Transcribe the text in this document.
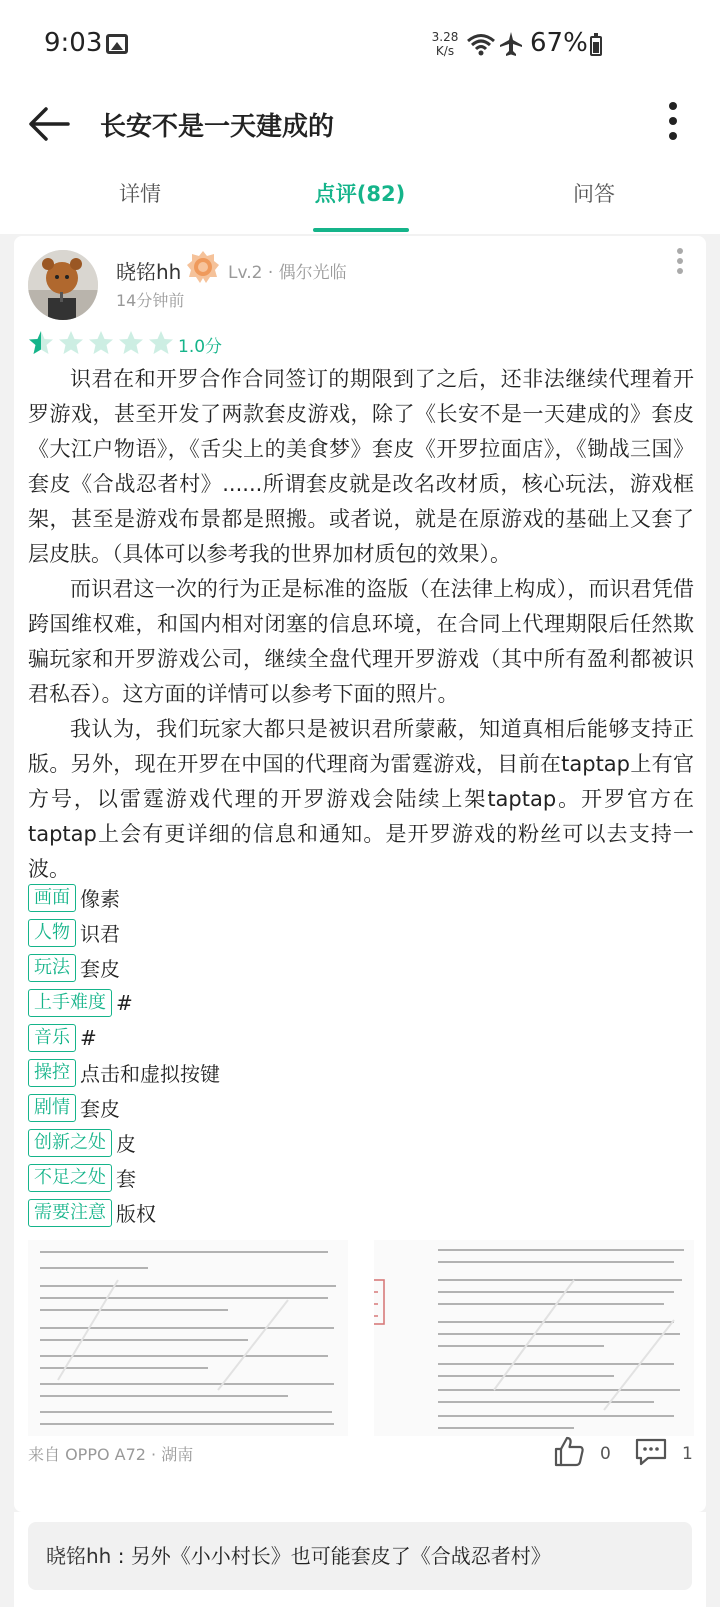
9:03	3.28
K/s	67%
长安不是一天建成的
详情	点评(82)	问答
晓铭hh	Lv.2 · 偶尔光临
14分钟前
1.0分

识君在和开罗合作合同签订的期限到了之后，还非法继续代理着开罗游戏，甚至开发了两款套皮游戏，除了《长安不是一天建成的》套皮《大江户物语》，《舌尖上的美食梦》套皮《开罗拉面店》，《锄战三国》套皮《合战忍者村》......所谓套皮就是改名改材质，核心玩法，游戏框架，甚至是游戏布景都是照搬。或者说，就是在原游戏的基础上又套了层皮肤。（具体可以参考我的世界加材质包的效果）。

而识君这一次的行为正是标准的盗版（在法律上构成），而识君凭借跨国维权难，和国内相对闭塞的信息环境，在合同上代理期限后任然欺骗玩家和开罗游戏公司，继续全盘代理开罗游戏（其中所有盈利都被识君私吞）。这方面的详情可以参考下面的照片。

我认为，我们玩家大都只是被识君所蒙蔽，知道真相后能够支持正版。另外，现在开罗在中国的代理商为雷霆游戏，目前在taptap上有官方号，以雷霆游戏代理的开罗游戏会陆续上架taptap。开罗官方在taptap上会有更详细的信息和通知。是开罗游戏的粉丝可以去支持一波。

画面 像素
人物 识君
玩法 套皮
上手难度 #
音乐 #
操控 点击和虚拟按键
剧情 套皮
创新之处 皮
不足之处 套
需要注意 版权
来自 OPPO A72 · 湖南	0	1
晓铭hh : 另外《小小村长》也可能套皮了《合战忍者村》
